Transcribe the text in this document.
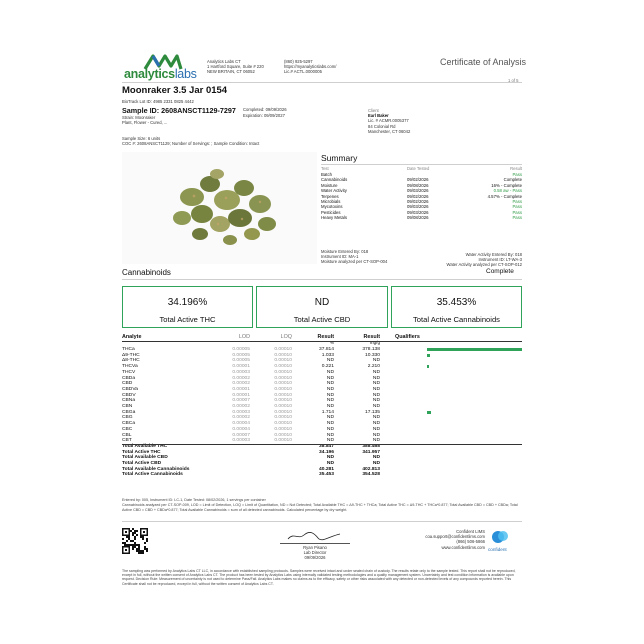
analyticslabs
Analytics Labs CT
1 Hartford Square, Suite # 220
NEW BRITAIN, CT 06052
(860) 925-5297
https://myanalyticslabs.com/
Lic.# ACTL.0000005
Certificate of Analysis
1 of 5
Moonraker 3.5 Jar 0154
BioTrack Lot ID: 4985 2331 0825 4442
Sample ID: 2608ANSCT1129-7297
Strain: Moonraker
Plant, Flower - Cured, ...
Completed: 09/09/2026
Expiration: 09/09/2027
Sample Size: 6 units
COC #: 2608ANSCT1129; Number of Servings: ; Sample Condition: Intact
Client
Earl Baker
Lic. # ACMR.0005377
84 Colonial Rd
Manchester, CT 06042
Summary
Test	Date Tested	Result
Batch	Pass
Cannabinoids	09/02/2026	Complete
Moisture	09/08/2026	16% - Complete
Water Activity	09/03/2026	0.58 aw - Pass
Terpenes	09/02/2026	4.57% - Complete
Microbials	09/02/2026	Pass
Mycotoxins	09/03/2026	Pass
Pesticides	09/03/2026	Pass
Heavy Metals	09/08/2026	Pass
Moisture Entered By: 018
Instrument ID: MA-1
Moisture analyzed per CT-SOP-004
Water Activity Entered By: 018
Instrument ID: LT-WA-3
Water Activity analyzed per CT-SOP-012
Cannabinoids	Complete
34.196%
Total Active THC
ND
Total Active CBD
35.453%
Total Active Cannabinoids
Analyte	LOD	LOQ	Result	Result	Qualifiers
%	mg/g
THCa	0.00005	0.00010	37.814	378.138
Δ9-THC	0.00005	0.00010	1.033	10.330
Δ8-THC	0.00005	0.00010	ND	ND
THCVa	0.00001	0.00010	0.221	2.210
THCV	0.00003	0.00010	ND	ND
CBDa	0.00002	0.00010	ND	ND
CBD	0.00002	0.00010	ND	ND
CBDVa	0.00001	0.00010	ND	ND
CBDV	0.00001	0.00010	ND	ND
CBNa	0.00007	0.00010	ND	ND
CBN	0.00002	0.00010	ND	ND
CBGa	0.00003	0.00010	1.714	17.135
CBG	0.00002	0.00010	ND	ND
CBCa	0.00004	0.00010	ND	ND
CBC	0.00004	0.00010	ND	ND
CBL	0.00007	0.00010	ND	ND
CBT	0.00003	0.00010	ND	ND
Total Available THC	38.847	388.468
Total Active THC	34.196	341.957
Total Available CBD	ND	ND
Total Active CBD	ND	ND
Total Available Cannabinoids	40.281	402.813
Total Active Cannabinoids	35.453	354.528
Entered by: 005, Instrument ID: LC-1, Date Tested: 08/02/2026, 1 servings per container
Cannabinoids analyzed per CT-SOP-009, LOD = Limit of Detection, LOQ = Limit of Quantitation, ND = Not Detected; Total Available THC = Δ9-THC + THCa; Total Active THC = Δ9-THC + THCa*0.877; Total Available CBD = CBD + CBDa; Total Active CBD = CBD + CBDa*0.877; Total Available Cannabinoids = sum of all detected cannabinoids. Calculated percentage by dry weight.
Ryan Pisano
Lab Director
09/09/2026
Confident LIMS
coa.support@confidentlims.com
(866) 506-5866
www.confidentlims.com confident
The sampling was performed by Analytics Labs CT LLC, in accordance with established sampling protocols. Samples were received intact and under sealed chain of custody. The results relate only to the sample tested. This report shall not be reproduced, except in full, without the written consent of Analytics Labs CT. The product has been tested by Analytics Labs using internally validated testing methodologies and a quality management system. Uncertainty and test condition information is available upon request. Decision Rule: Measurement of uncertainty is not used to determine Pass/Fail. Analytics Labs makes no claims as to the efficacy, safety or other risks associated with any detected or non-detected levels of any compounds reported herein. This Certificate shall not be reproduced, except in full, without the written consent of Analytics Labs CT.
